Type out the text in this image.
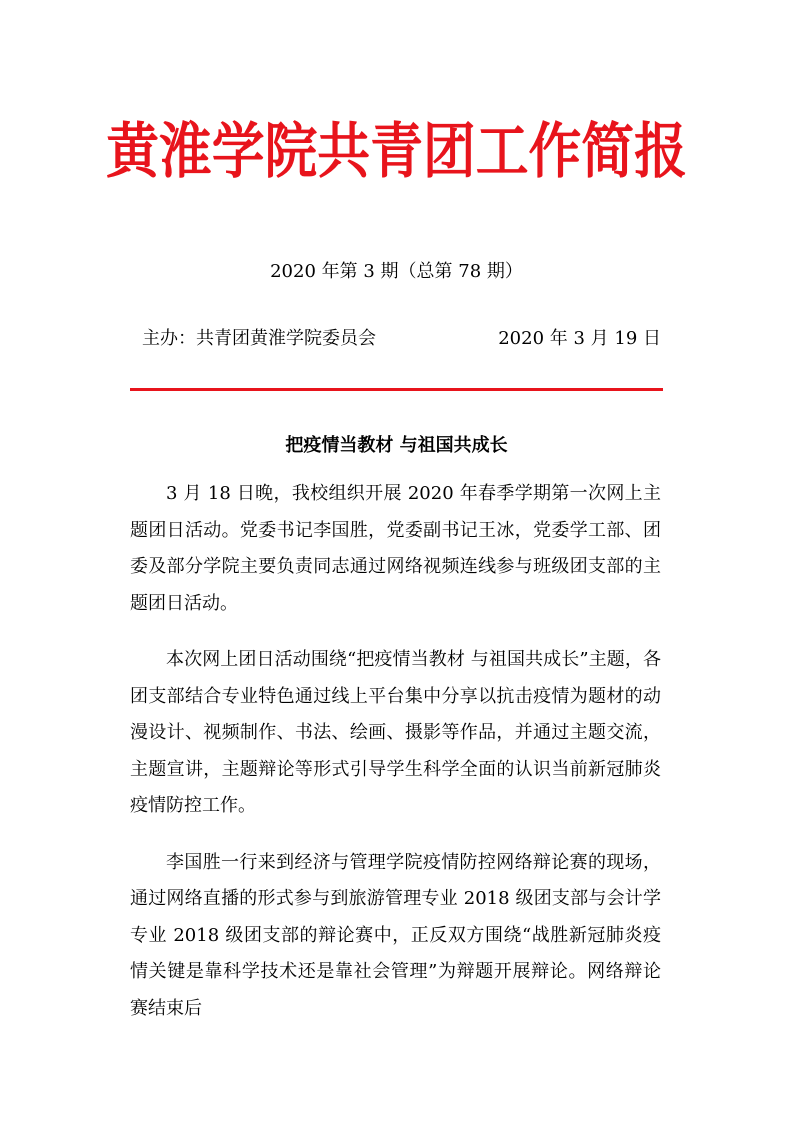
黄淮学院共青团工作简报
2020 年第 3 期（总第 78 期）
主办：共青团黄淮学院委员会	2020 年 3 月 19 日
把疫情当教材 与祖国共成长

3 月 18 日晚，我校组织开展 2020 年春季学期第一次网上主题团日活动。党委书记李国胜，党委副书记王冰，党委学工部、团委及部分学院主要负责同志通过网络视频连线参与班级团支部的主题团日活动。

本次网上团日活动围绕“把疫情当教材 与祖国共成长”主题，各团支部结合专业特色通过线上平台集中分享以抗击疫情为题材的动漫设计、视频制作、书法、绘画、摄影等作品，并通过主题交流，主题宣讲，主题辩论等形式引导学生科学全面的认识当前新冠肺炎疫情防控工作。

李国胜一行来到经济与管理学院疫情防控网络辩论赛的现场，通过网络直播的形式参与到旅游管理专业 2018 级团支部与会计学专业 2018 级团支部的辩论赛中，正反双方围绕“战胜新冠肺炎疫情关键是靠科学技术还是靠社会管理”为辩题开展辩论。网络辩论赛结束后
